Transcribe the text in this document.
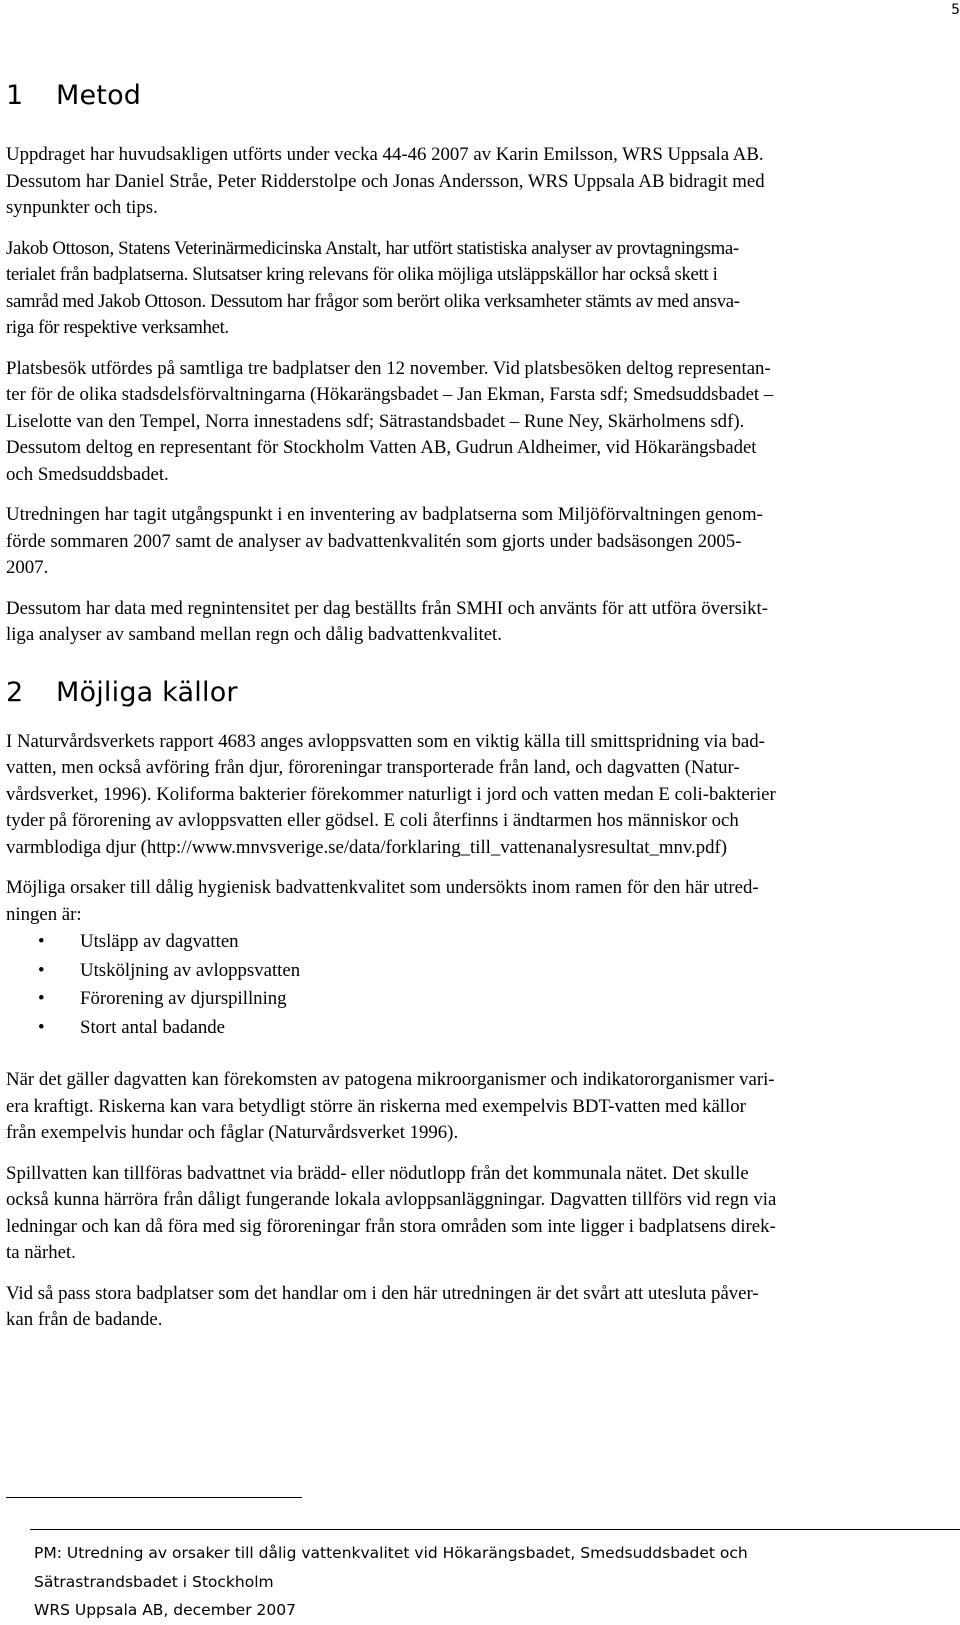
5
1 Metod

Uppdraget har huvudsakligen utförts under vecka 44-46 2007 av Karin Emilsson, WRS Uppsala AB.
Dessutom har Daniel Stråe, Peter Ridderstolpe och Jonas Andersson, WRS Uppsala AB bidragit med
synpunkter och tips.

Jakob Ottoson, Statens Veterinärmedicinska Anstalt, har utfört statistiska analyser av provtagningsma-
terialet från badplatserna. Slutsatser kring relevans för olika möjliga utsläppskällor har också skett i
samråd med Jakob Ottoson. Dessutom har frågor som berört olika verksamheter stämts av med ansva-
riga för respektive verksamhet.

Platsbesök utfördes på samtliga tre badplatser den 12 november. Vid platsbesöken deltog representan-
ter för de olika stadsdelsförvaltningarna (Hökarängsbadet – Jan Ekman, Farsta sdf; Smedsuddsbadet –
Liselotte van den Tempel, Norra innestadens sdf; Sätrastandsbadet – Rune Ney, Skärholmens sdf).
Dessutom deltog en representant för Stockholm Vatten AB, Gudrun Aldheimer, vid Hökarängsbadet
och Smedsuddsbadet.

Utredningen har tagit utgångspunkt i en inventering av badplatserna som Miljöförvaltningen genom-
förde sommaren 2007 samt de analyser av badvattenkvalitén som gjorts under badsäsongen 2005-
2007.

Dessutom har data med regnintensitet per dag beställts från SMHI och använts för att utföra översikt-
liga analyser av samband mellan regn och dålig badvattenkvalitet.

2 Möjliga källor

I Naturvårdsverkets rapport 4683 anges avloppsvatten som en viktig källa till smittspridning via bad-
vatten, men också avföring från djur, föroreningar transporterade från land, och dagvatten (Natur-
vårdsverket, 1996). Koliforma bakterier förekommer naturligt i jord och vatten medan E coli-bakterier
tyder på förorening av avloppsvatten eller gödsel. E coli återfinns i ändtarmen hos människor och
varmblodiga djur (http://www.mnvsverige.se/data/forklaring_till_vattenanalysresultat_mnv.pdf)

Möjliga orsaker till dålig hygienisk badvattenkvalitet som undersökts inom ramen för den här utred-
ningen är:

• Utsläpp av dagvatten
• Utsköljning av avloppsvatten
• Förorening av djurspillning
• Stort antal badande

När det gäller dagvatten kan förekomsten av patogena mikroorganismer och indikatororganismer vari-
era kraftigt. Riskerna kan vara betydligt större än riskerna med exempelvis BDT-vatten med källor
från exempelvis hundar och fåglar (Naturvårdsverket 1996).

Spillvatten kan tillföras badvattnet via brädd- eller nödutlopp från det kommunala nätet. Det skulle
också kunna härröra från dåligt fungerande lokala avloppsanläggningar. Dagvatten tillförs vid regn via
ledningar och kan då föra med sig föroreningar från stora områden som inte ligger i badplatsens direk-
ta närhet.

Vid så pass stora badplatser som det handlar om i den här utredningen är det svårt att utesluta påver-
kan från de badande.

PM: Utredning av orsaker till dålig vattenkvalitet vid Hökarängsbadet, Smedsuddsbadet och
Sätrastrandsbadet i Stockholm
WRS Uppsala AB, december 2007
